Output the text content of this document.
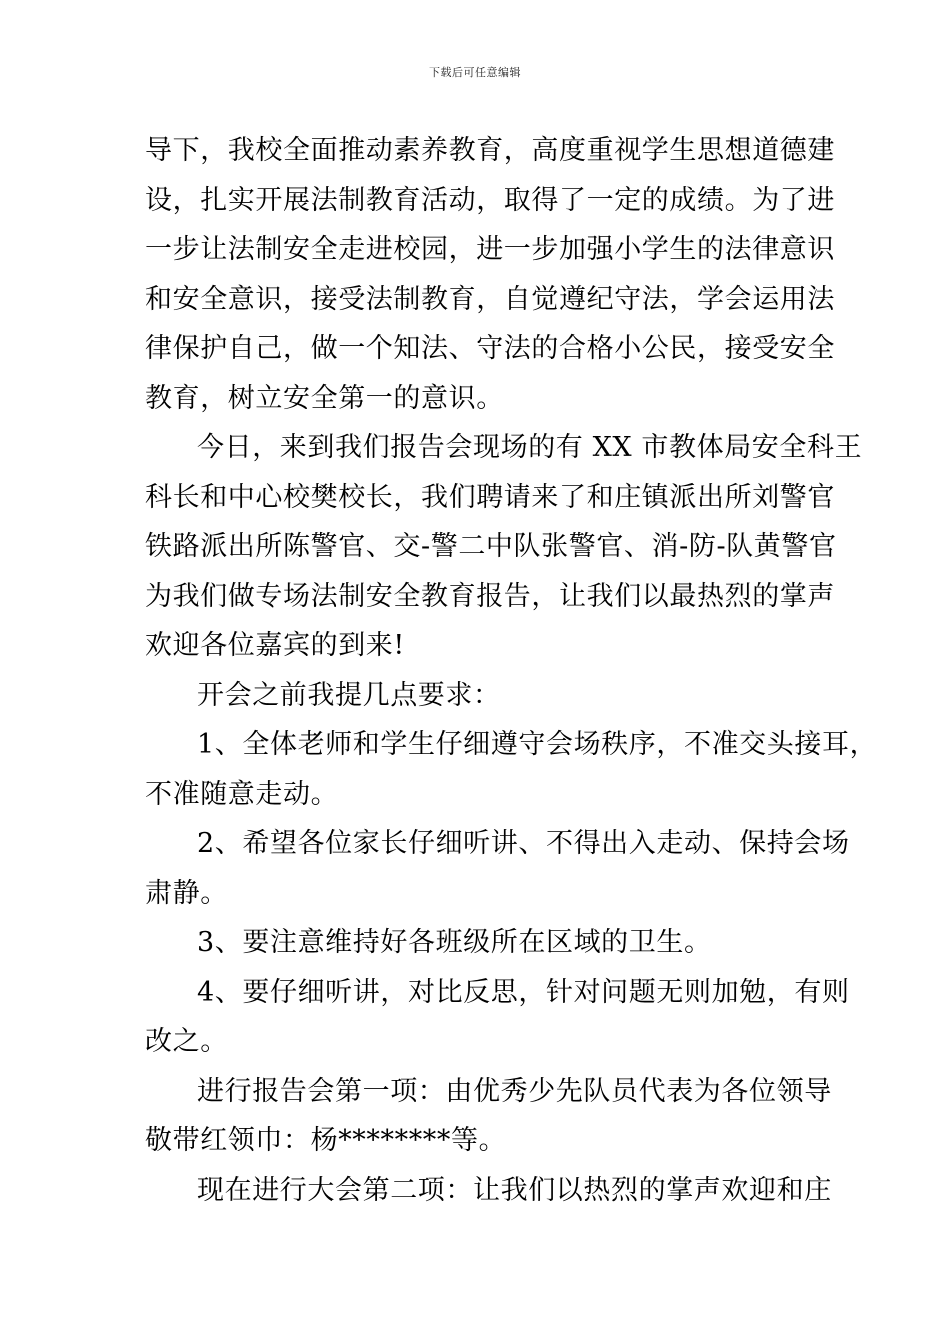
下载后可任意编辑
导下，我校全面推动素养教育，高度重视学生思想道德建
设，扎实开展法制教育活动，取得了一定的成绩。为了进
一步让法制安全走进校园，进一步加强小学生的法律意识
和安全意识，接受法制教育，自觉遵纪守法，学会运用法
律保护自己，做一个知法、守法的合格小公民，接受安全
教育，树立安全第一的意识。
今日，来到我们报告会现场的有 XX 市教体局安全科王
科长和中心校樊校长，我们聘请来了和庄镇派出所刘警官
铁路派出所陈警官、交-警二中队张警官、消-防-队黄警官
为我们做专场法制安全教育报告，让我们以最热烈的掌声
欢迎各位嘉宾的到来!
开会之前我提几点要求：
1、全体老师和学生仔细遵守会场秩序，不准交头接耳，
不准随意走动。
2、希望各位家长仔细听讲、不得出入走动、保持会场
肃静。
3、要注意维持好各班级所在区域的卫生。
4、要仔细听讲，对比反思，针对问题无则加勉，有则
改之。
进行报告会第一项：由优秀少先队员代表为各位领导
敬带红领巾：杨********等。
现在进行大会第二项：让我们以热烈的掌声欢迎和庄
